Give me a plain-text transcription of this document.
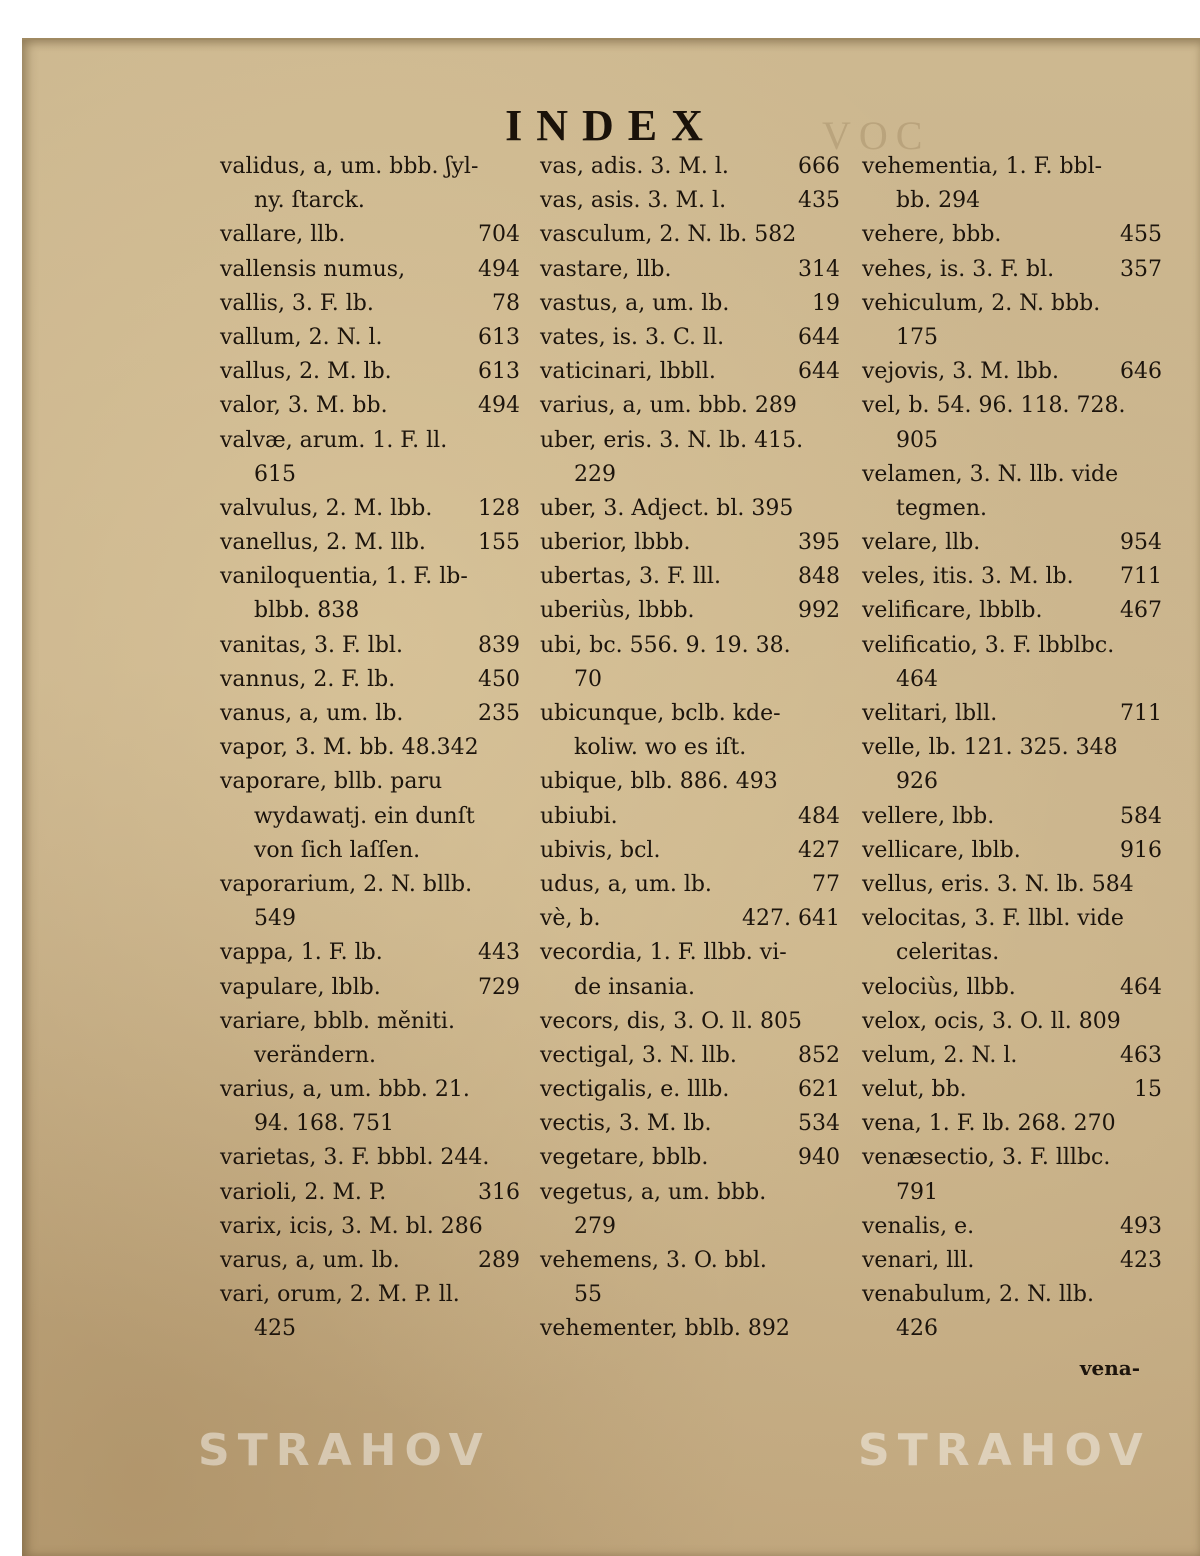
INDEX	VOC
validus, a, um. bbb. ʃyl-
ny. ſtarck.
vallare, llb.	704
vallensis numus,	494
vallis, 3. F. lb.	78
vallum, 2. N. l.	613
vallus, 2. M. lb.	613
valor, 3. M. bb.	494
valvæ, arum. 1. F. ll.
615
valvulus, 2. M. lbb. 128
vanellus, 2. M. llb. 155
vaniloquentia, 1. F. lb-
blbb. 838
vanitas, 3. F. lbl.	839
vannus, 2. F. lb.	450
vanus, a, um. lb.	235
vapor, 3. M. bb. 48.342
vaporare, bllb. paru
wydawatj. ein dunſt
von ſich laſſen.
vaporarium, 2. N. bllb.
549
vappa, 1. F. lb.	443
vapulare, lblb.	729
variare, bblb. měniti.
verändern.
varius, a, um. bbb. 21.
94. 168. 751
varietas, 3. F. bbbl. 244.
varioli, 2. M. P.	316
varix, icis, 3. M. bl. 286
varus, a, um. lb.	289
vari, orum, 2. M. P. ll.
425
vas, adis. 3. M. l.	666
vas, asis. 3. M. l.	435
vasculum, 2. N. lb. 582
vastare, llb.	314
vastus, a, um. lb.	19
vates, is. 3. C. ll.	644
vaticinari, lbbll.	644
varius, a, um. bbb. 289
uber, eris. 3. N. lb. 415.
229
uber, 3. Adject. bl. 395
uberior, lbbb.	395
ubertas, 3. F. lll.	848
uberiùs, lbbb.	992
ubi, bc. 556. 9. 19. 38.
70
ubicunque, bclb. kde-
koliw. wo es iſt.
ubique, blb. 886. 493
ubiubi.	484
ubivis, bcl.	427
udus, a, um. lb.	77
vè, b.	427. 641
vecordia, 1. F. llbb. vi-
de insania.
vecors, dis, 3. O. ll. 805
vectigal, 3. N. llb.	852
vectigalis, e. lllb.	621
vectis, 3. M. lb.	534
vegetare, bblb.	940
vegetus, a, um. bbb.
279
vehemens, 3. O. bbl.
55
vehementer, bblb. 892
vehementia, 1. F. bbl-
bb. 294
vehere, bbb.	455
vehes, is. 3. F. bl.	357
vehiculum, 2. N. bbb.
175
vejovis, 3. M. lbb.	646
vel, b. 54. 96. 118. 728.
905
velamen, 3. N. llb. vide
tegmen.
velare, llb.	954
veles, itis. 3. M. lb. 711
velificare, lbblb.	467
velificatio, 3. F. lbblbc.
464
velitari, lbll.	711
velle, lb. 121. 325. 348
926
vellere, lbb.	584
vellicare, lblb.	916
vellus, eris. 3. N. lb. 584
velocitas, 3. F. llbl. vide
celeritas.
velociùs, llbb.	464
velox, ocis, 3. O. ll. 809
velum, 2. N. l.	463
velut, bb.	15
vena, 1. F. lb. 268. 270
venæsectio, 3. F. lllbc.
791
venalis, e.	493
venari, lll.	423
venabulum, 2. N. llb.
426
vena-
STRAHOV	STRAHOV
